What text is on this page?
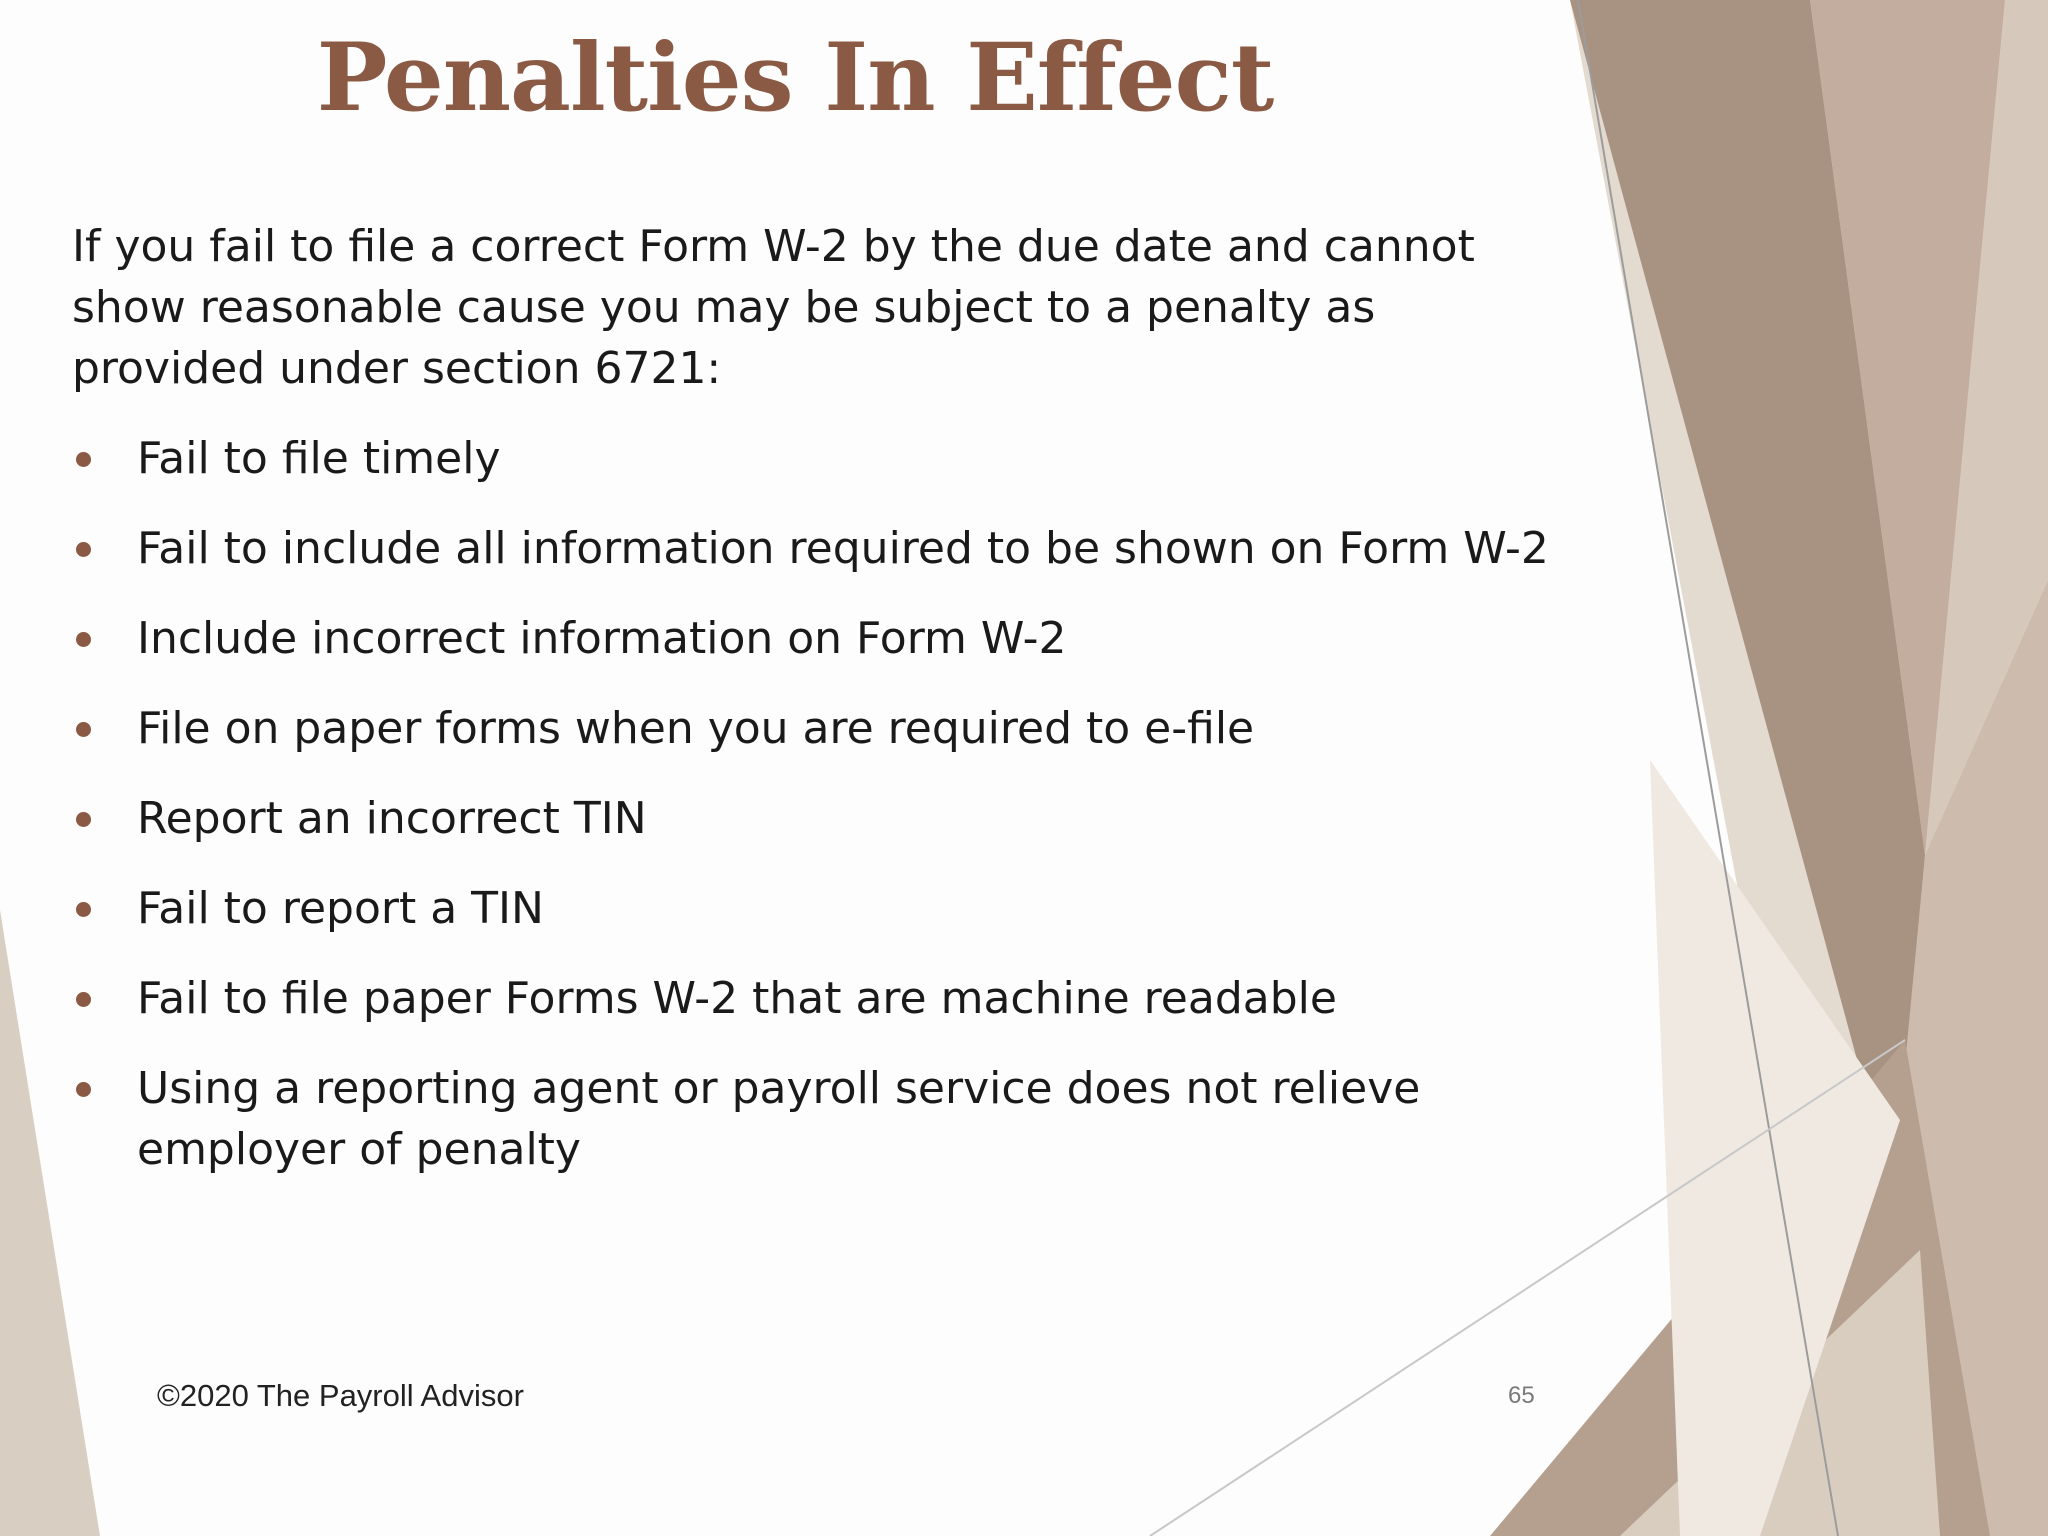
Penalties In Effect
If you fail to file a correct Form W-2 by the due date and cannot show reasonable cause you may be subject to a penalty as provided under section 6721:
Fail to file timely
Fail to include all information required to be shown on Form W-2
Include incorrect information on Form W-2
File on paper forms when you are required to e-file
Report an incorrect TIN
Fail to report a TIN
Fail to file paper Forms W-2 that are machine readable
Using a reporting agent or payroll service does not relieve employer of penalty
©2020 The Payroll Advisor	65
